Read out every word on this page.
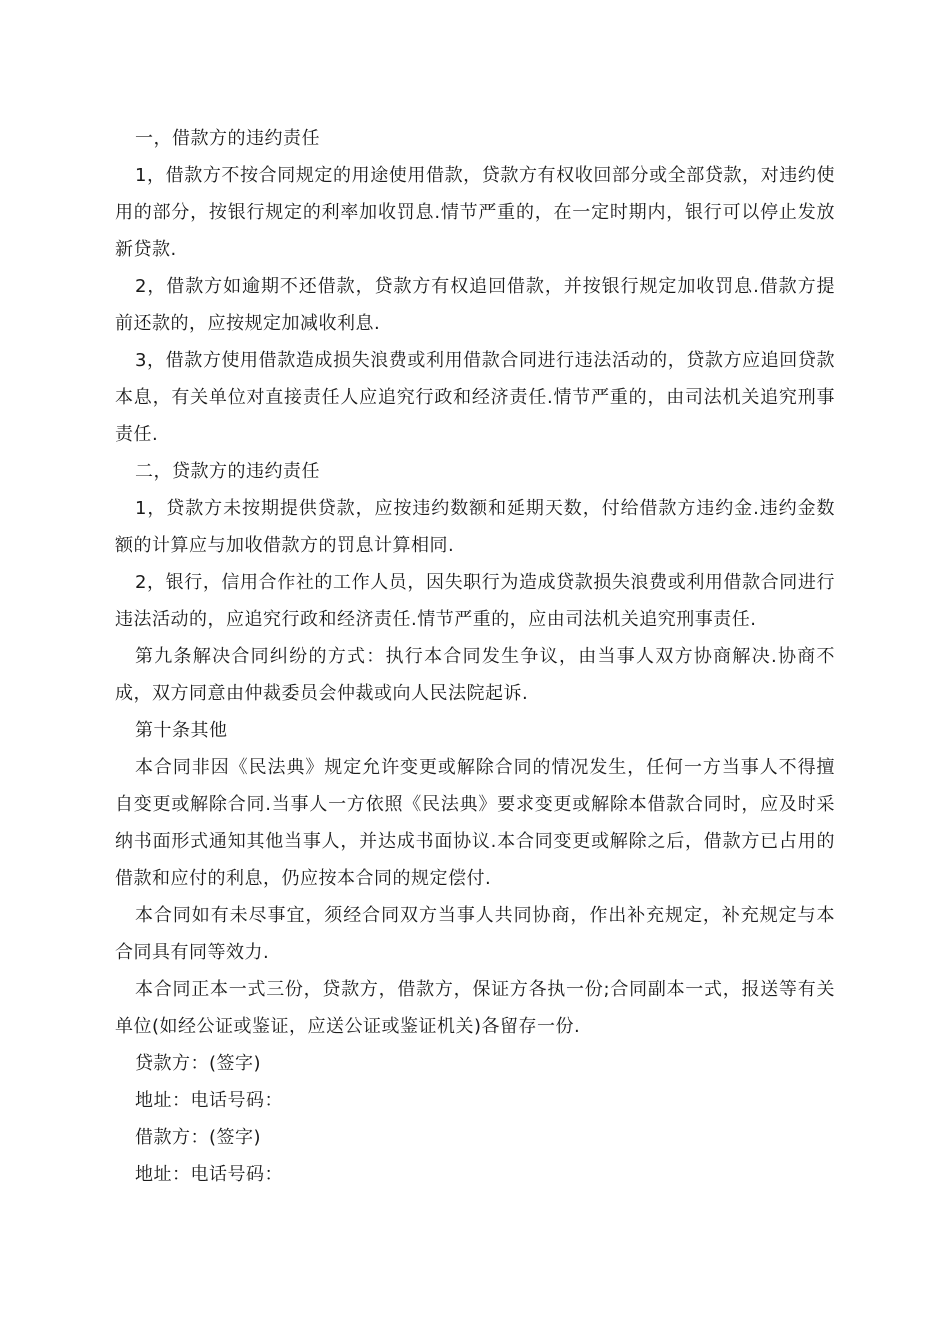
一，借款方的违约责任

1，借款方不按合同规定的用途使用借款，贷款方有权收回部分或全部贷款，对违约使用的部分，按银行规定的利率加收罚息.情节严重的，在一定时期内，银行可以停止发放新贷款.

2，借款方如逾期不还借款，贷款方有权追回借款，并按银行规定加收罚息.借款方提前还款的，应按规定加减收利息.

3，借款方使用借款造成损失浪费或利用借款合同进行违法活动的，贷款方应追回贷款本息，有关单位对直接责任人应追究行政和经济责任.情节严重的，由司法机关追究刑事责任.

二，贷款方的违约责任

1，贷款方未按期提供贷款，应按违约数额和延期天数，付给借款方违约金.违约金数额的计算应与加收借款方的罚息计算相同.

2，银行，信用合作社的工作人员，因失职行为造成贷款损失浪费或利用借款合同进行违法活动的，应追究行政和经济责任.情节严重的，应由司法机关追究刑事责任.

第九条解决合同纠纷的方式：执行本合同发生争议，由当事人双方协商解决.协商不成，双方同意由仲裁委员会仲裁或向人民法院起诉.

第十条其他

本合同非因《民法典》规定允许变更或解除合同的情况发生，任何一方当事人不得擅自变更或解除合同.当事人一方依照《民法典》要求变更或解除本借款合同时，应及时采纳书面形式通知其他当事人，并达成书面协议.本合同变更或解除之后，借款方已占用的借款和应付的利息，仍应按本合同的规定偿付.

本合同如有未尽事宜，须经合同双方当事人共同协商，作出补充规定，补充规定与本合同具有同等效力.

本合同正本一式三份，贷款方，借款方，保证方各执一份;合同副本一式，报送等有关单位(如经公证或鉴证，应送公证或鉴证机关)各留存一份.

贷款方：(签字)

地址：电话号码：

借款方：(签字)

地址：电话号码：
